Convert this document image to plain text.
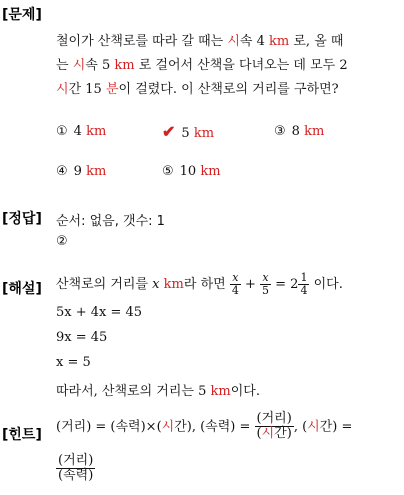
[문제]
철이가 산책로를 따라 갈 때는 시속 4 km 로, 올 때
는 시속 5 km 로 걸어서 산책을 다녀오는 데 모두 2
시간 15 분이 걸렸다. 이 산책로의 거리를 구하면?
① 4 km	✔ 5 km	③ 8 km
④ 9 km	⑤ 10 km
[정답] 순서: 없음, 갯수: 1
②
[해설] 산책로의 거리를 x km라 하면 $\frac{x}{4} + \frac{x}{5} = 2 \frac{1}{4}$ 이다.
5x + 4x = 45
9x = 45
x = 5
따라서, 산책로의 거리는 5 km이다.
[힌트]
(거리) = (속력)×(시간), (속력) = $\frac{\text{(거리)}}{\text{(시간)}}$ , (시간) =
$\frac{\text{(거리)}}{\text{(속력)}}$
